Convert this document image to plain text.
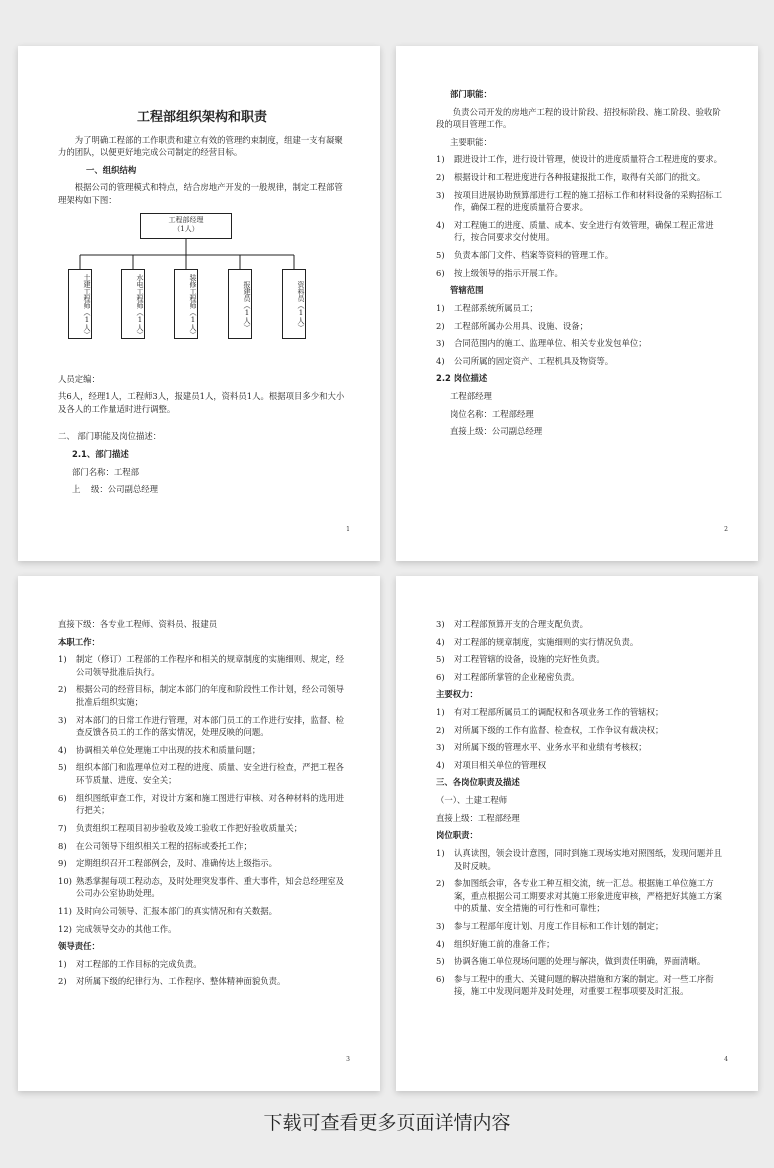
工程部组织架构和职责
为了明确工程部的工作职责和建立有效的管理约束制度，组建一支有凝聚力的团队，以便更好地完成公司制定的经营目标。
一、组织结构
根据公司的管理模式和特点，结合房地产开发的一般规律，制定工程部管理架构如下图：
工程部经理
（1人）
土建工程师（1人）	水电工程师（1人）	装修工程师（1人）	报建员（1人）	资料员（1人）
人员定编：
共6人，经理1人，工程师3人，报建员1人，资料员1人。根据项目多少和大小及各人的工作量适时进行调整。
二、 部门职能及岗位描述：
2.1、部门描述
部门名称：工程部
上    级：公司副总经理
1
部门职能：
负责公司开发的房地产工程的设计阶段、招投标阶段、施工阶段、验收阶段的项目管理工作。
主要职能：
1)	跟进设计工作，进行设计管理，使设计的进度质量符合工程进度的要求。
2)	根据设计和工程进度进行各种报建报批工作，取得有关部门的批文。
3)	按项目进展协助预算部进行工程的施工招标工作和材料设备的采购招标工作，确保工程的进度质量符合要求。
4)	对工程施工的进度、质量、成本、安全进行有效管理，确保工程正常进行，按合同要求交付使用。
5)	负责本部门文件、档案等资料的管理工作。
6)	按上级领导的指示开展工作。
管辖范围
1)	工程部系统所属员工；
2)	工程部所属办公用具、设施、设备；
3)	合同范围内的施工、监理单位、相关专业发包单位；
4)	公司所属的固定资产、工程机具及物资等。
2.2 岗位描述
工程部经理
岗位名称：工程部经理
直接上级：公司副总经理
2
直接下级：各专业工程师、资料员、报建员
本职工作：
1)	制定（修订）工程部的工作程序和相关的规章制度的实施细则、规定，经公司领导批准后执行。
2)	根据公司的经营目标，制定本部门的年度和阶段性工作计划，经公司领导批准后组织实施；
3)	对本部门的日常工作进行管理，对本部门员工的工作进行安排，监督、检查反馈各员工的工作的落实情况，处理反映的问题。
4)	协调相关单位处理施工中出现的技术和质量问题；
5)	组织本部门和监理单位对工程的进度、质量、安全进行检查，严把工程各环节质量、进度、安全关；
6)	组织图纸审查工作，对设计方案和施工图进行审核、对各种材料的选用进行把关；
7)	负责组织工程项目初步验收及竣工验收工作把好验收质量关；
8)	在公司领导下组织相关工程的招标或委托工作；
9)	定期组织召开工程部例会，及时、准确传达上级指示。
10) 熟悉掌握每项工程动态，及时处理突发事件、重大事件，知会总经理室及公司办公室协助处理。
11) 及时向公司领导、汇报本部门的真实情况和有关数据。
12) 完成领导交办的其他工作。
领导责任：
1)	对工程部的工作目标的完成负责。
2)	对所属下级的纪律行为、工作程序、整体精神面貌负责。
3
3)	对工程部预算开支的合理支配负责。
4)	对工程部的规章制度，实施细则的实行情况负责。
5)	对工程管辖的设备，设施的完好性负责。
6)	对工程部所掌管的企业秘密负责。
主要权力：
1)	有对工程部所属员工的调配权和各项业务工作的管辖权；
2)	对所属下级的工作有监督、检查权，工作争议有裁决权；
3)	对所属下级的管理水平、业务水平和业绩有考核权；
4)	对项目相关单位的管理权
三、各岗位职责及描述
（一）、土建工程师
直接上级：工程部经理
岗位职责：
1)	认真读图，领会设计意图，同时到施工现场实地对照图纸，发现问题并且及时反映。
2)	参加图纸会审，各专业工种互相交流，统一汇总。根据施工单位施工方案，重点根据公司工期要求对其施工形象进度审核，严格把好其施工方案中的质量、安全措施的可行性和可靠性；
3)	参与工程部年度计划、月度工作目标和工作计划的制定；
4)	组织好施工前的准备工作；
5)	协调各施工单位现场问题的处理与解决，做到责任明确，界面清晰。
6)	参与工程中的重大、关键问题的解决措施和方案的制定。对一些工序衔接，施工中发现问题并及时处理，对重要工程事项要及时汇报。
4
下载可查看更多页面详情内容
